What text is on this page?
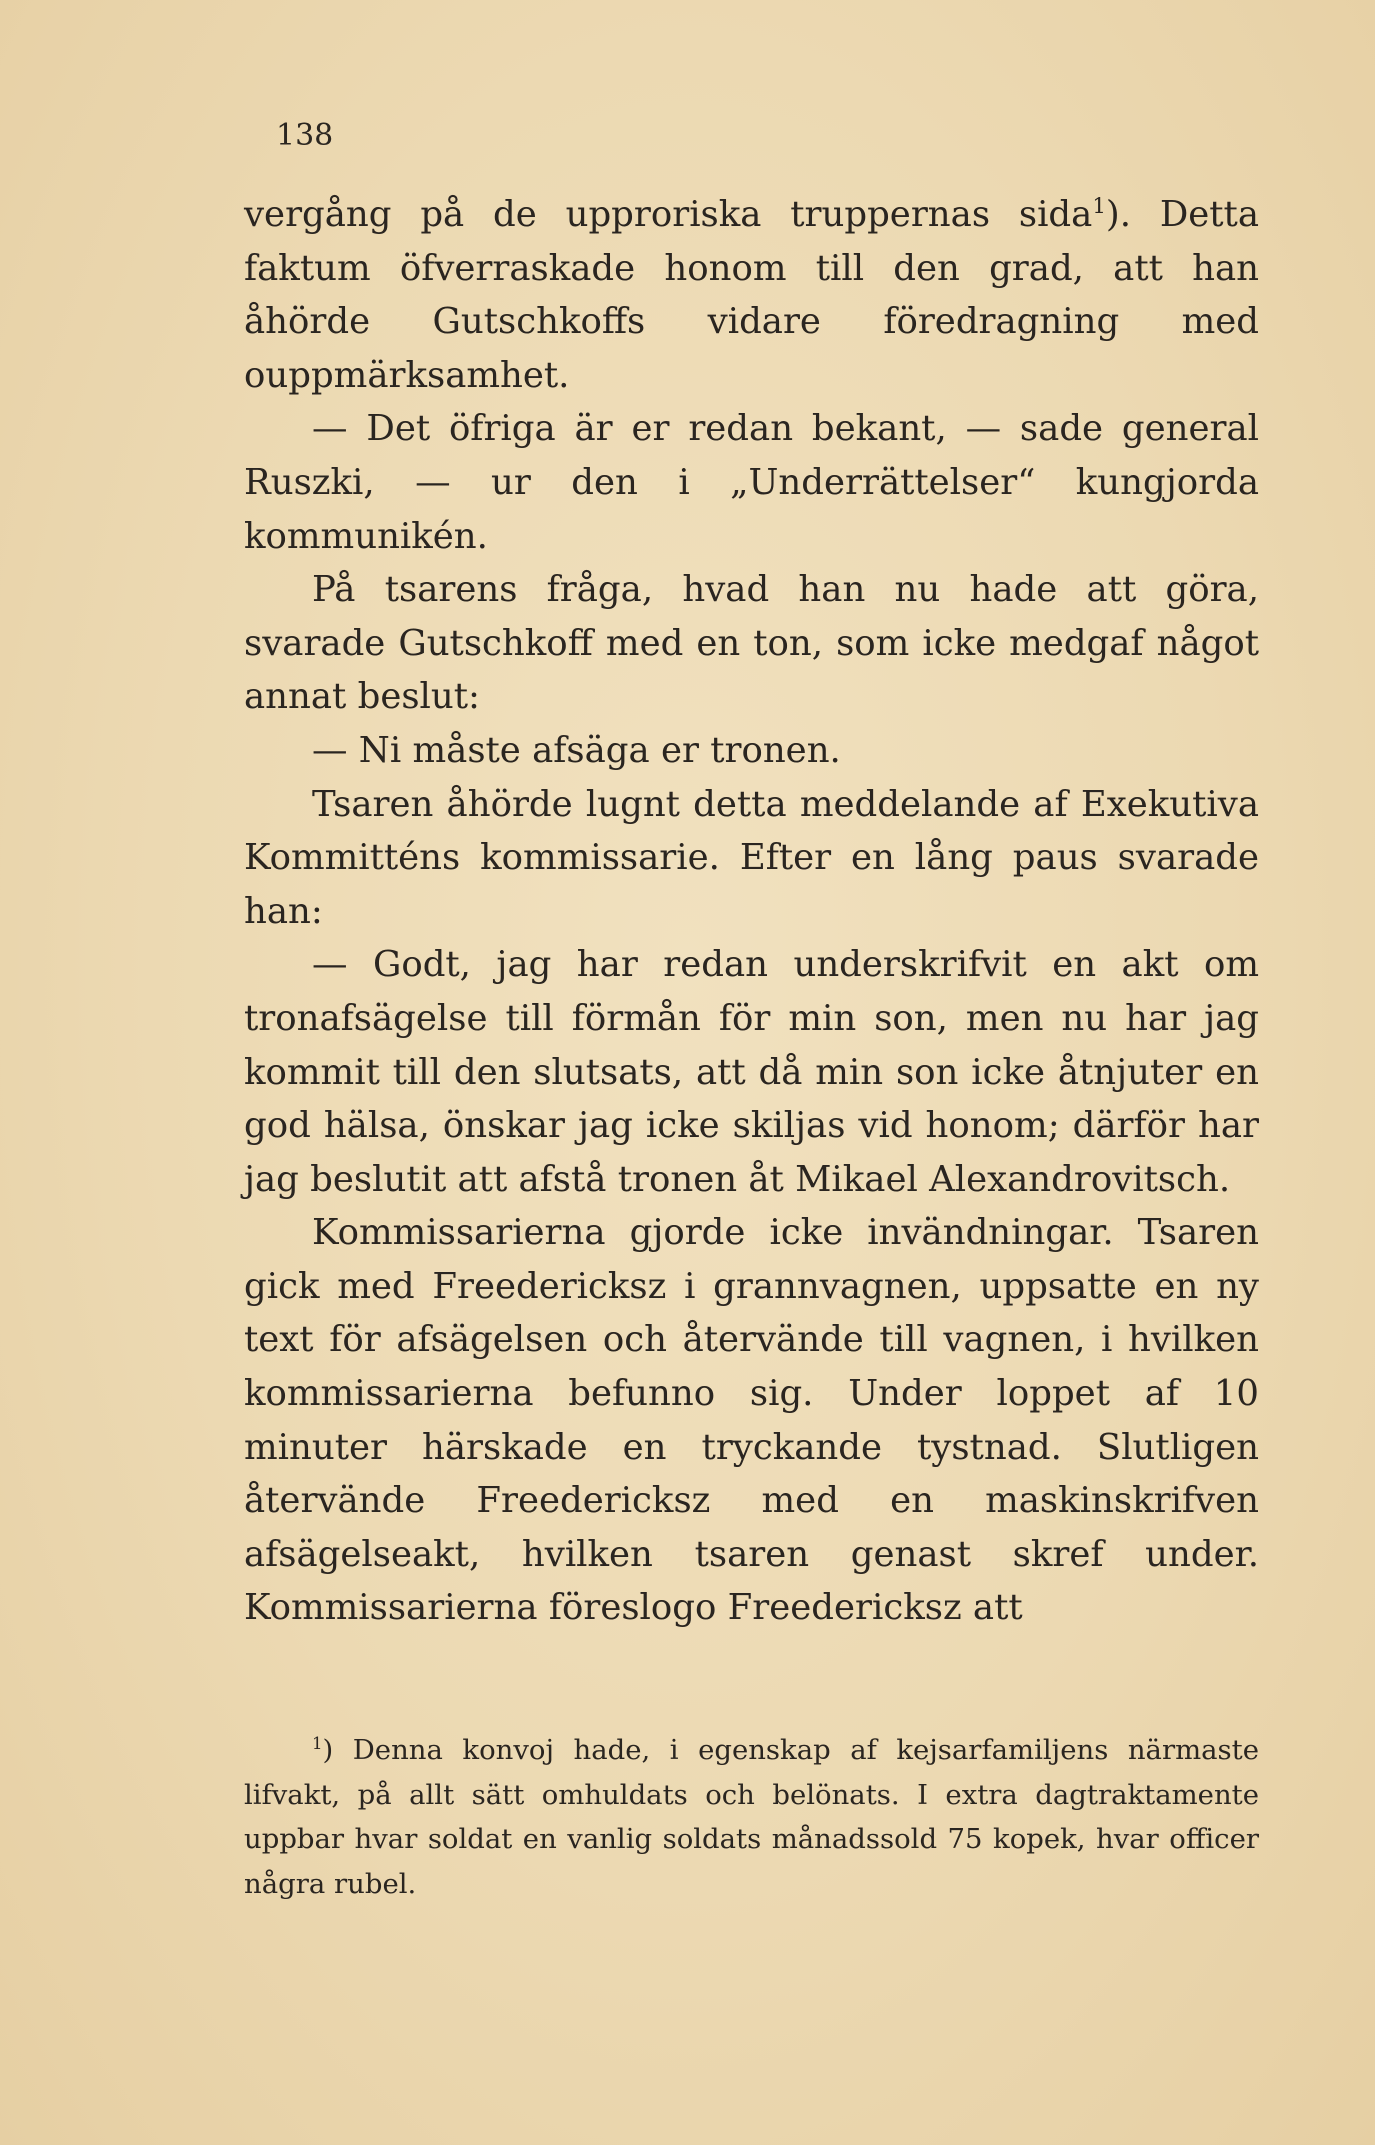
138

vergång på de upproriska truppernas sida$^1$). Detta faktum öfverraskade honom till den grad, att han åhörde Gutschkoffs vidare föredragning med ouppmärksamhet.

— Det öfriga är er redan bekant, — sade general Ruszki, — ur den i „Underrättelser“ kungjorda kommunikén.

På tsarens fråga, hvad han nu hade att göra, svarade Gutschkoff med en ton, som icke medgaf något annat beslut:

— Ni måste afsäga er tronen.

Tsaren åhörde lugnt detta meddelande af Exekutiva Kommitténs kommissarie. Efter en lång paus svarade han:

— Godt, jag har redan underskrifvit en akt om tronafsägelse till förmån för min son, men nu har jag kommit till den slutsats, att då min son icke åtnjuter en god hälsa, önskar jag icke skiljas vid honom; därför har jag beslutit att afstå tronen åt Mikael Alexandrovitsch.

Kommissarierna gjorde icke invändningar. Tsaren gick med Freedericksz i grannvagnen, uppsatte en ny text för afsägelsen och återvände till vagnen, i hvilken kommissarierna befunno sig. Under loppet af 10 minuter härskade en tryckande tystnad. Slutligen återvände Freedericksz med en maskinskrifven afsägelseakt, hvilken tsaren genast skref under. Kommissarierna föreslogo Freedericksz att

$^1$) Denna konvoj hade, i egenskap af kejsarfamiljens närmaste lifvakt, på allt sätt omhuldats och belönats. I extra dagtraktamente uppbar hvar soldat en vanlig soldats månadssold 75 kopek, hvar officer några rubel.
